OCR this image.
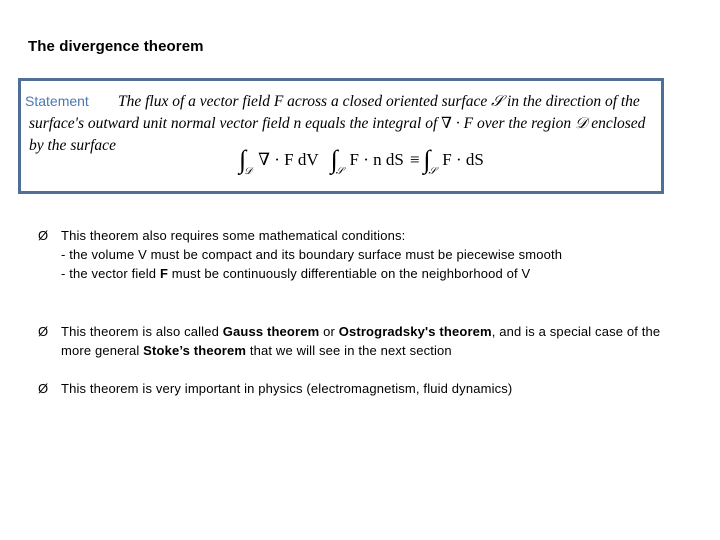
The divergence theorem
Statement	The flux of a vector field F across a closed oriented surface 𝒮 in the direction of the surface's outward unit normal vector field n equals the integral of ∇ · F over the region 𝒟 enclosed by the surface	∫
𝒟
∇ · F dV ∫
𝒮
F · n dS ≡ ∫
𝒮
F · dS
Ø This theorem also requires some mathematical conditions:
- the volume V must be compact and its boundary surface must be piecewise smooth
- the vector field F must be continuously differentiable on the neighborhood of V
Ø This theorem is also called Gauss theorem or Ostrogradsky's theorem, and is a special case of the
more general Stoke’s theorem that we will see in the next section
Ø This theorem is very important in physics (electromagnetism, fluid dynamics)
